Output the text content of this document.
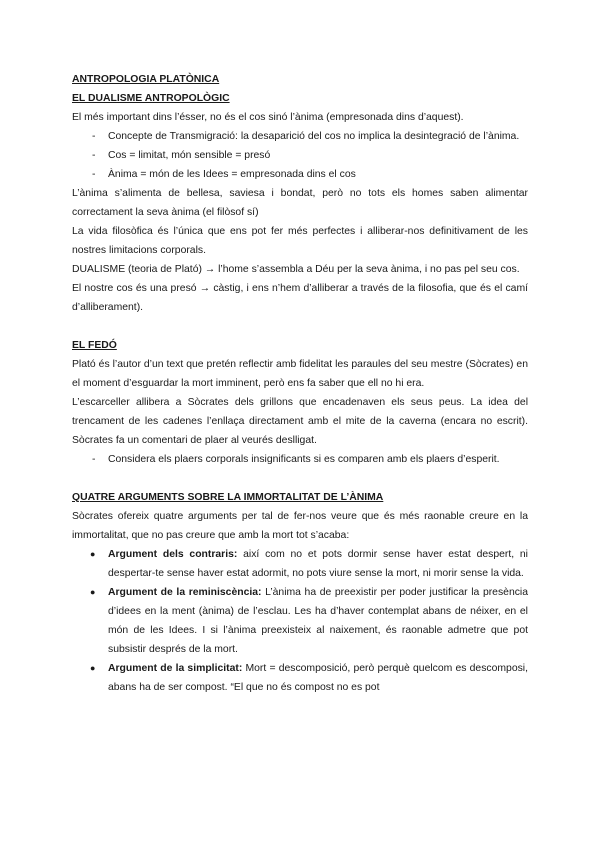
ANTROPOLOGIA PLATÒNICA

EL DUALISME ANTROPOLÒGIC

El més important dins l’ésser, no és el cos sinó l’ànima (empresonada dins d’aquest).

- Concepte de Transmigració: la desaparició del cos no implica la desintegració de l’ànima.
- Cos = limitat, món sensible = presó
- Ànima = món de les Idees = empresonada dins el cos

L’ànima s’alimenta de bellesa, saviesa i bondat, però no tots els homes saben alimentar correctament la seva ànima (el filòsof sí)

La vida filosòfica és l’única que ens pot fer més perfectes i alliberar-nos definitivament de les nostres limitacions corporals.

DUALISME (teoria de Plató) → l’home s’assembla a Déu per la seva ànima, i no pas pel seu cos.

El nostre cos és una presó → càstig, i ens n’hem d’alliberar a través de la filosofia, que és el camí d’alliberament).

EL FEDÓ

Plató és l’autor d’un text que pretén reflectir amb fidelitat les paraules del seu mestre (Sòcrates) en el moment d’esguardar la mort imminent, però ens fa saber que ell no hi era.

L’escarceller allibera a Sòcrates dels grillons que encadenaven els seus peus. La idea del trencament de les cadenes l’enllaça directament amb el mite de la caverna (encara no escrit). Sòcrates fa un comentari de plaer al veurés deslligat.

- Considera els plaers corporals insignificants si es comparen amb els plaers d’esperit.

QUATRE ARGUMENTS SOBRE LA IMMORTALITAT DE L’ÀNIMA

Sòcrates ofereix quatre arguments per tal de fer-nos veure que és més raonable creure en la immortalitat, que no pas creure que amb la mort tot s’acaba:

● Argument dels contraris: així com no et pots dormir sense haver estat despert, ni despertar-te sense haver estat adormit, no pots viure sense la mort, ni morir sense la vida.
● Argument de la reminiscència: L’ànima ha de preexistir per poder justificar la presència d’idees en la ment (ànima) de l’esclau. Les ha d’haver contemplat abans de néixer, en el món de les Idees. I si l’ànima preexisteix al naixement, és raonable admetre que pot subsistir després de la mort.
● Argument de la simplicitat: Mort = descomposició, però perquè quelcom es descomposi, abans ha de ser compost. “El que no és compost no es pot
